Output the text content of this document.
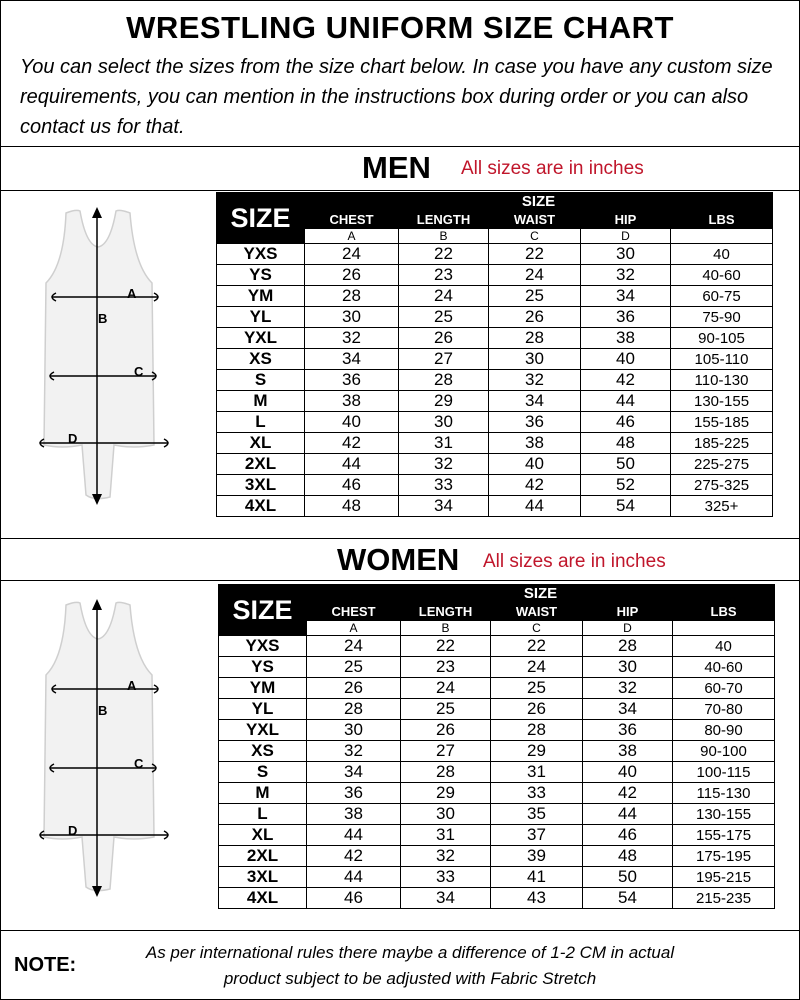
WRESTLING UNIFORM SIZE CHART
You can select the sizes from the size chart below. In case you have any custom size requirements, you can mention in the instructions box during order or you can also contact us for that.
MEN All sizes are in inches
A
B
C
D
SIZE	SIZE				
	CHEST	LENGTH	WAIST	HIP	LBS
	A	B	C	D	
YXS	24	22	22	30	40
YS	26	23	24	32	40-60
YM	28	24	25	34	60-75
YL	30	25	26	36	75-90
YXL	32	26	28	38	90-105
XS	34	27	30	40	105-110
S	36	28	32	42	110-130
M	38	29	34	44	130-155
L	40	30	36	46	155-185
XL	42	31	38	48	185-225
2XL	44	32	40	50	225-275
3XL	46	33	42	52	275-325
4XL	48	34	44	54	325+
WOMEN All sizes are in inches
A
B
C
D
SIZE	SIZE				
	CHEST	LENGTH	WAIST	HIP	LBS
	A	B	C	D	
YXS	24	22	22	28	40
YS	25	23	24	30	40-60
YM	26	24	25	32	60-70
YL	28	25	26	34	70-80
YXL	30	26	28	36	80-90
XS	32	27	29	38	90-100
S	34	28	31	40	100-115
M	36	29	33	42	115-130
L	38	30	35	44	130-155
XL	44	31	37	46	155-175
2XL	42	32	39	48	175-195
3XL	44	33	41	50	195-215
4XL	46	34	43	54	215-235
NOTE:
As per international rules there maybe a difference of 1-2 CM in actual product subject to be adjusted with Fabric Stretch
